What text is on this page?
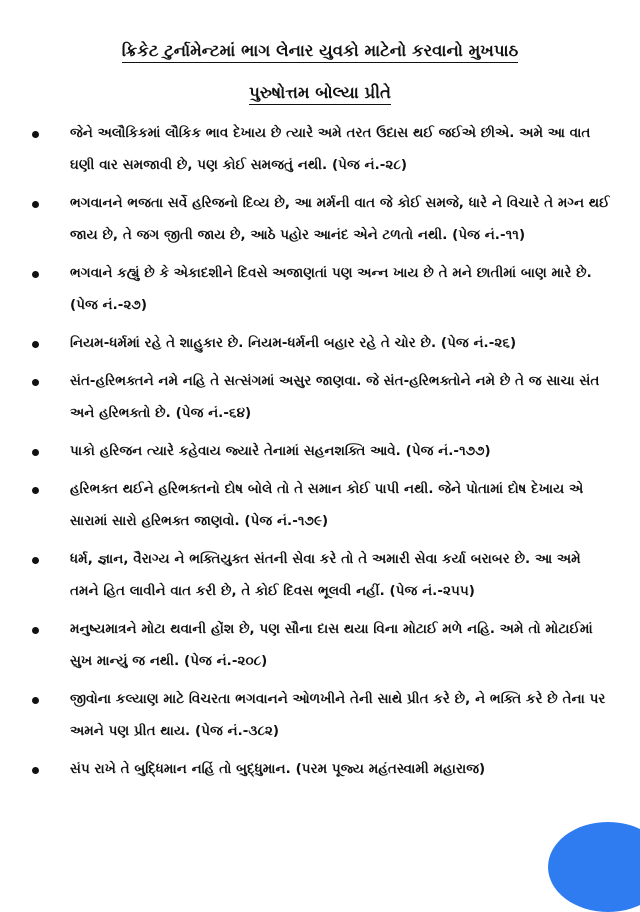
ક્રિકેટ ટુર્નામેન્ટમાં ભાગ લેનાર યુવકો માટેનો કરવાનો મુખપાઠ
પુરુષોત્તમ બોલ્યા પ્રીતે
જેને અલૌકિકમાં લૌકિક ભાવ દેખાય છે ત્યારે અમે તરત ઉદાસ થઈ જઈએ છીએ. અમે આ વાત ઘણી વાર સમજાવી છે, પણ કોઈ સમજતું નથી. (પેજ નં.-૨૮)
ભગવાનને ભજતા સર્વે હરિજનો દિવ્ય છે, આ મર્મની વાત જે કોઈ સમજે, ધારે ને વિચારે તે મગ્ન થઈ જાય છે, તે જગ જીતી જાય છે, આઠે પહોર આનંદ એને ટળતો નથી. (પેજ નં.-૧૧)
ભગવાને કહ્યું છે કે એકાદશીને દિવસે અજાણતાં પણ અન્ન ખાય છે તે મને છાતીમાં બાણ મારે છે. (પેજ નં.-૨૭)
નિયમ-ધર્મમાં રહે તે શાહુકાર છે. નિયમ-ધર્મની બહાર રહે તે ચોર છે. (પેજ નં.-૨૬)
સંત-હરિભક્તને નમે નહિ તે સત્સંગમાં અસુર જાણવા. જે સંત-હરિભક્તોને નમે છે તે જ સાચા સંત અને હરિભક્તો છે. (પેજ નં.-૬૪)
પાકો હરિજન ત્યારે કહેવાય જ્યારે તેનામાં સહનશક્તિ આવે. (પેજ નં.-૧૭૭)
હરિભક્ત થઈને હરિભક્તનો દોષ બોલે તો તે સમાન કોઈ પાપી નથી. જેને પોતામાં દોષ દેખાય એ સારામાં સારો હરિભક્ત જાણવો. (પેજ નં.-૧૭૯)
ધર્મ, જ્ઞાન, વૈરાગ્ય ને ભક્તિયુક્ત સંતની સેવા કરે તો તે અમારી સેવા કર્યા બરાબર છે. આ અમે તમને હિત લાવીને વાત કરી છે, તે કોઈ દિવસ ભૂલવી નહીં. (પેજ નં.-૨૫૫)
મનુષ્યમાત્રને મોટા થવાની હોંશ છે, પણ સૌના દાસ થયા વિના મોટાઈ મળે નહિ. અમે તો મોટાઈમાં સુખ માન્યું જ નથી. (પેજ નં.-૨૦૮)
જીવોના કલ્યાણ માટે વિચરતા ભગવાનને ઓળખીને તેની સાથે પ્રીત કરે છે, ને ભક્તિ કરે છે તેના પર અમને પણ પ્રીત થાય. (પેજ નં.-૩૮૨)
સંપ રાખે તે બુદ્ધિમાન નહિં તો બુદ્ધુમાન. (પરમ પૂજ્ય મહંતસ્વામી મહારાજ)
